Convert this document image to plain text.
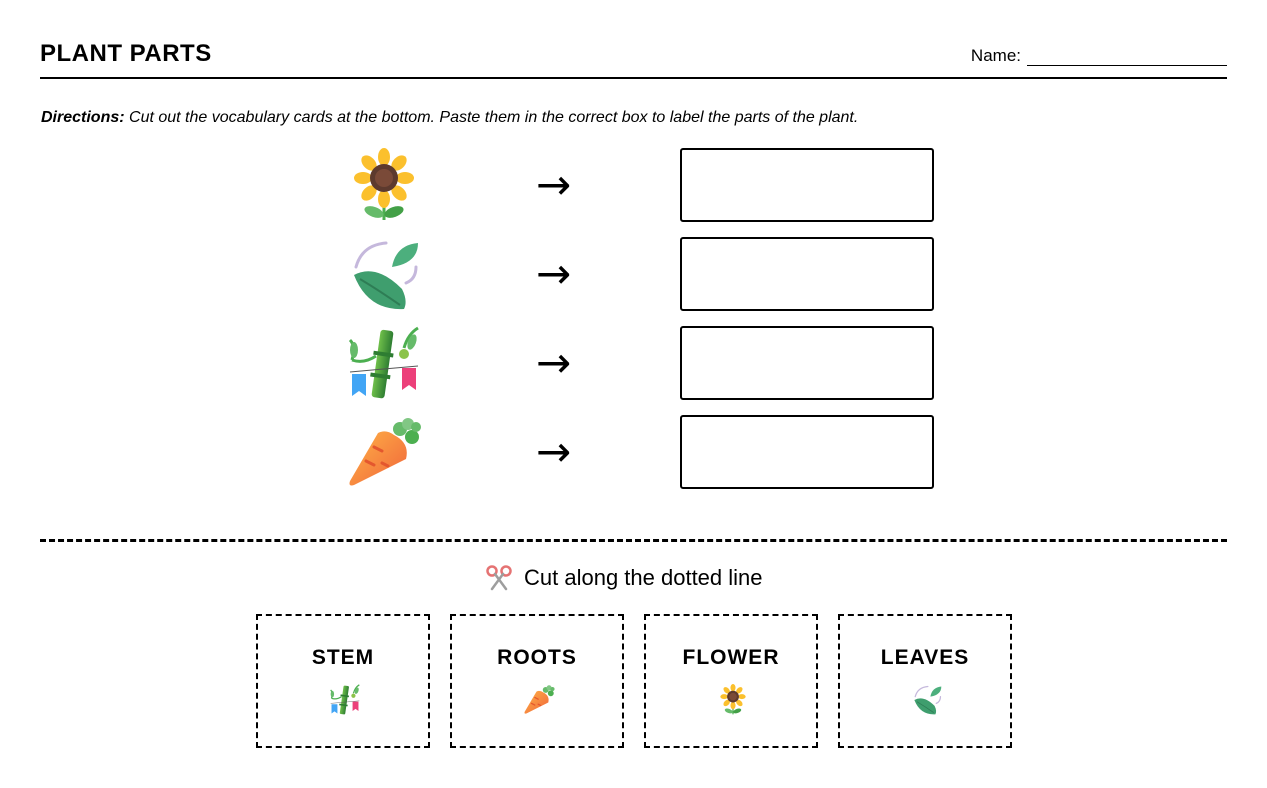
PLANT PARTS	Name:
Directions: Cut out the vocabulary cards at the bottom. Paste them in the correct box to label the parts of the plant.
→
→
→
→
Cut along the dotted line
STEM	ROOTS	FLOWER	LEAVES
